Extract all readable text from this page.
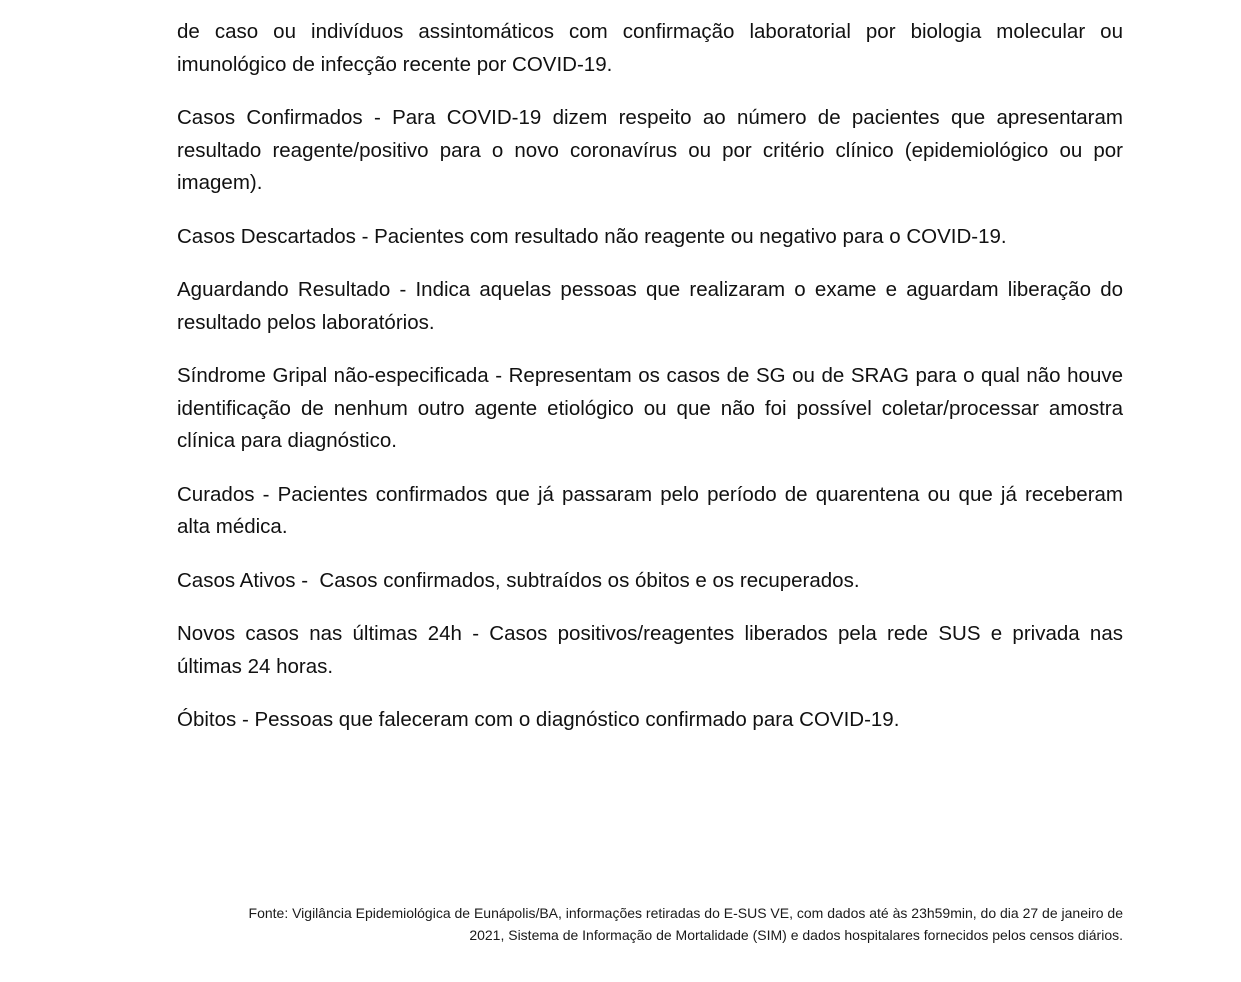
de caso ou indivíduos assintomáticos com confirmação laboratorial por biologia molecular ou imunológico de infecção recente por COVID-19.

Casos Confirmados - Para COVID-19 dizem respeito ao número de pacientes que apresentaram resultado reagente/positivo para o novo coronavírus ou por critério clínico (epidemiológico ou por imagem).

Casos Descartados - Pacientes com resultado não reagente ou negativo para o COVID-19.

Aguardando Resultado - Indica aquelas pessoas que realizaram o exame e aguardam liberação do resultado pelos laboratórios.

Síndrome Gripal não-especificada - Representam os casos de SG ou de SRAG para o qual não houve identificação de nenhum outro agente etiológico ou que não foi possível coletar/processar amostra clínica para diagnóstico.

Curados - Pacientes confirmados que já passaram pelo período de quarentena ou que já receberam alta médica.

Casos Ativos -  Casos confirmados, subtraídos os óbitos e os recuperados.

Novos casos nas últimas 24h - Casos positivos/reagentes liberados pela rede SUS e privada nas últimas 24 horas.

Óbitos - Pessoas que faleceram com o diagnóstico confirmado para COVID-19.

Fonte: Vigilância Epidemiológica de Eunápolis/BA, informações retiradas do E-SUS VE, com dados até às 23h59min, do dia 27 de janeiro de
2021, Sistema de Informação de Mortalidade (SIM) e dados hospitalares fornecidos pelos censos diários.
